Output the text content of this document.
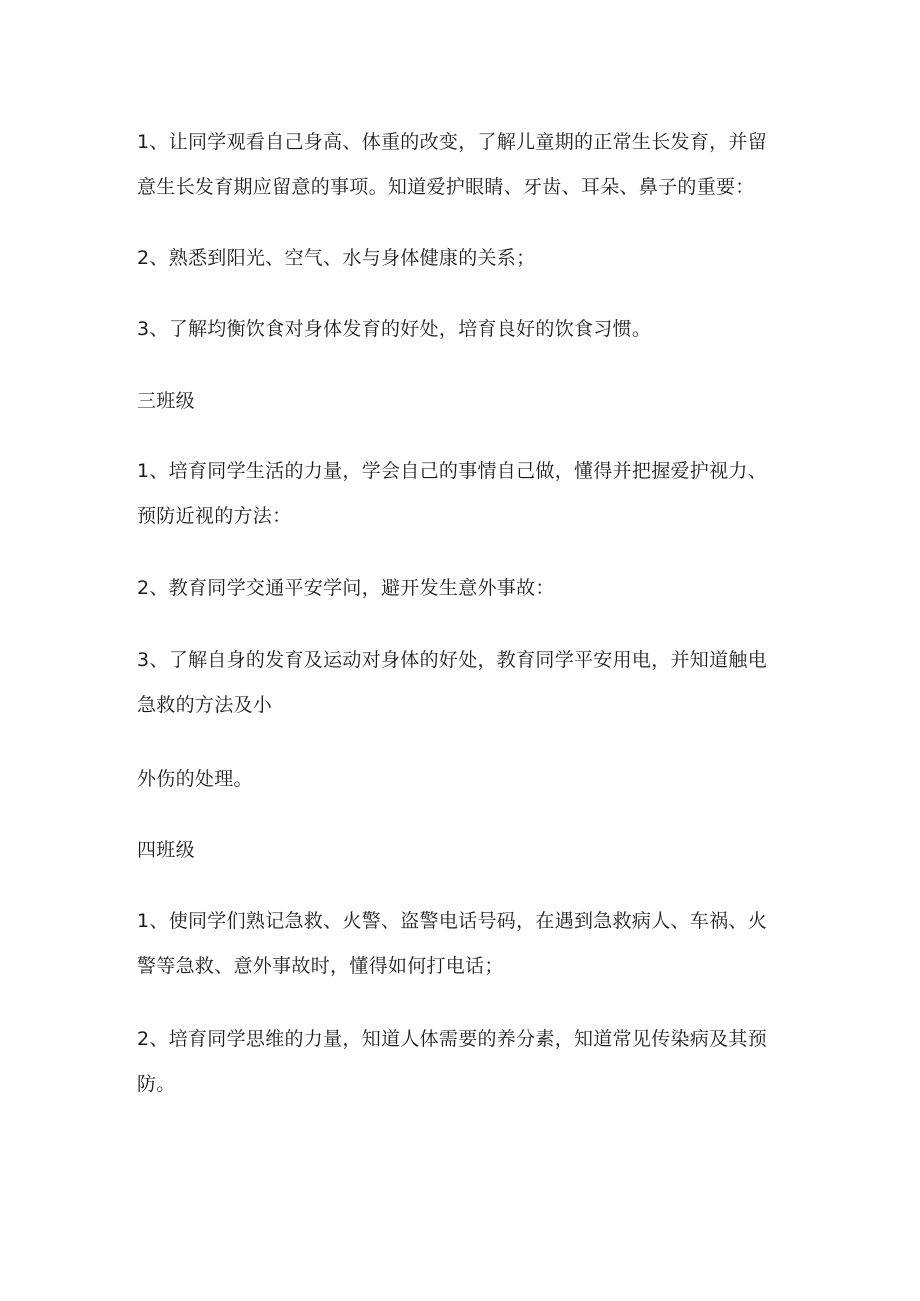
1、让同学观看自己身高、体重的改变，了解儿童期的正常生长发育，并留
意生长发育期应留意的事项。知道爱护眼睛、牙齿、耳朵、鼻子的重要：

2、熟悉到阳光、空气、水与身体健康的关系；

3、了解均衡饮食对身体发育的好处，培育良好的饮食习惯。

三班级

1、培育同学生活的力量，学会自己的事情自己做，懂得并把握爱护视力、
预防近视的方法：

2、教育同学交通平安学问，避开发生意外事故：

3、了解自身的发育及运动对身体的好处，教育同学平安用电，并知道触电
急救的方法及小

外伤的处理。

四班级

1、使同学们熟记急救、火警、盗警电话号码，在遇到急救病人、车祸、火
警等急救、意外事故时，懂得如何打电话；

2、培育同学思维的力量，知道人体需要的养分素，知道常见传染病及其预
防。
